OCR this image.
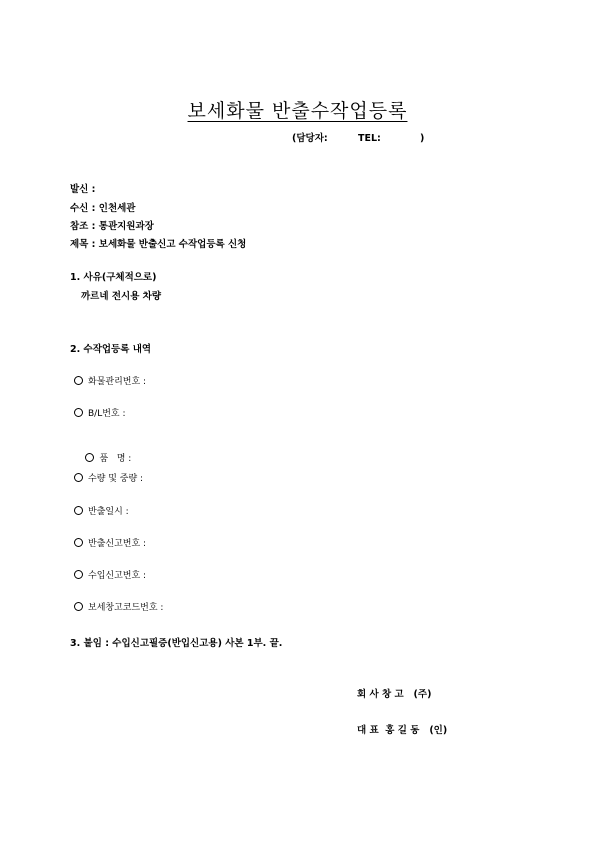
보세화물 반출수작업등록
(담당자:	TEL:	)
발신 :
수신 : 인천세관
참조 : 통관지원과장
제목 : 보세화물 반출신고 수작업등록 신청
1. 사유(구체적으로)
까르네 전시용 차량
2. 수작업등록 내역
화물관리번호 :
B/L번호 :

품   명 :

수량 및 중량 :
반출일시 :
반출신고번호 :
수입신고번호 :
보세창고코드번호 :
3. 붙임 : 수입신고필증(반입신고용) 사본 1부. 끝.
회 사 창 고   (주)
대 표  홍 길 동   (인)
